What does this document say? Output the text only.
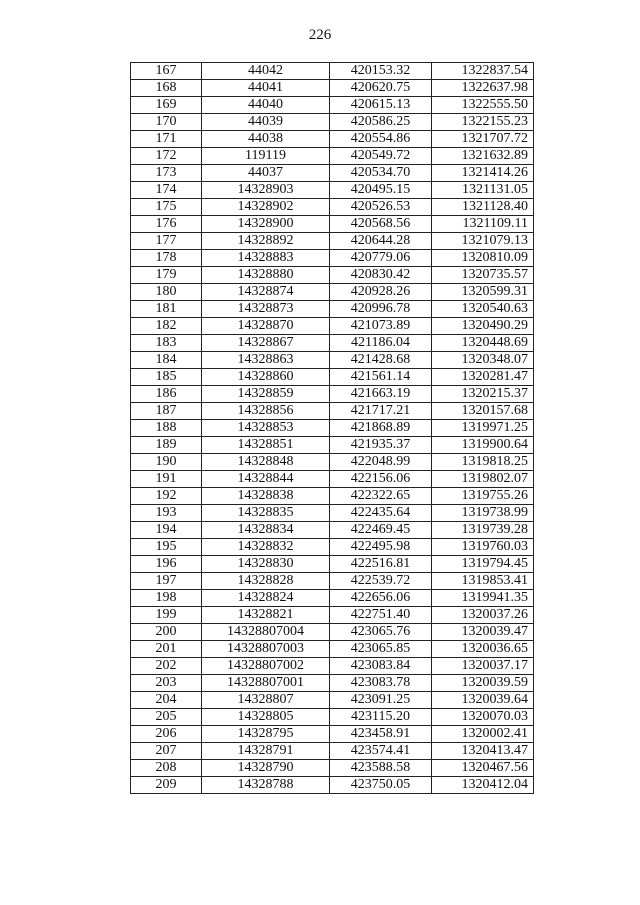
226
167	44042	420153.32	1322837.54
168	44041	420620.75	1322637.98
169	44040	420615.13	1322555.50
170	44039	420586.25	1322155.23
171	44038	420554.86	1321707.72
172	119119	420549.72	1321632.89
173	44037	420534.70	1321414.26
174	14328903	420495.15	1321131.05
175	14328902	420526.53	1321128.40
176	14328900	420568.56	1321109.11
177	14328892	420644.28	1321079.13
178	14328883	420779.06	1320810.09
179	14328880	420830.42	1320735.57
180	14328874	420928.26	1320599.31
181	14328873	420996.78	1320540.63
182	14328870	421073.89	1320490.29
183	14328867	421186.04	1320448.69
184	14328863	421428.68	1320348.07
185	14328860	421561.14	1320281.47
186	14328859	421663.19	1320215.37
187	14328856	421717.21	1320157.68
188	14328853	421868.89	1319971.25
189	14328851	421935.37	1319900.64
190	14328848	422048.99	1319818.25
191	14328844	422156.06	1319802.07
192	14328838	422322.65	1319755.26
193	14328835	422435.64	1319738.99
194	14328834	422469.45	1319739.28
195	14328832	422495.98	1319760.03
196	14328830	422516.81	1319794.45
197	14328828	422539.72	1319853.41
198	14328824	422656.06	1319941.35
199	14328821	422751.40	1320037.26
200	14328807004	423065.76	1320039.47
201	14328807003	423065.85	1320036.65
202	14328807002	423083.84	1320037.17
203	14328807001	423083.78	1320039.59
204	14328807	423091.25	1320039.64
205	14328805	423115.20	1320070.03
206	14328795	423458.91	1320002.41
207	14328791	423574.41	1320413.47
208	14328790	423588.58	1320467.56
209	14328788	423750.05	1320412.04
